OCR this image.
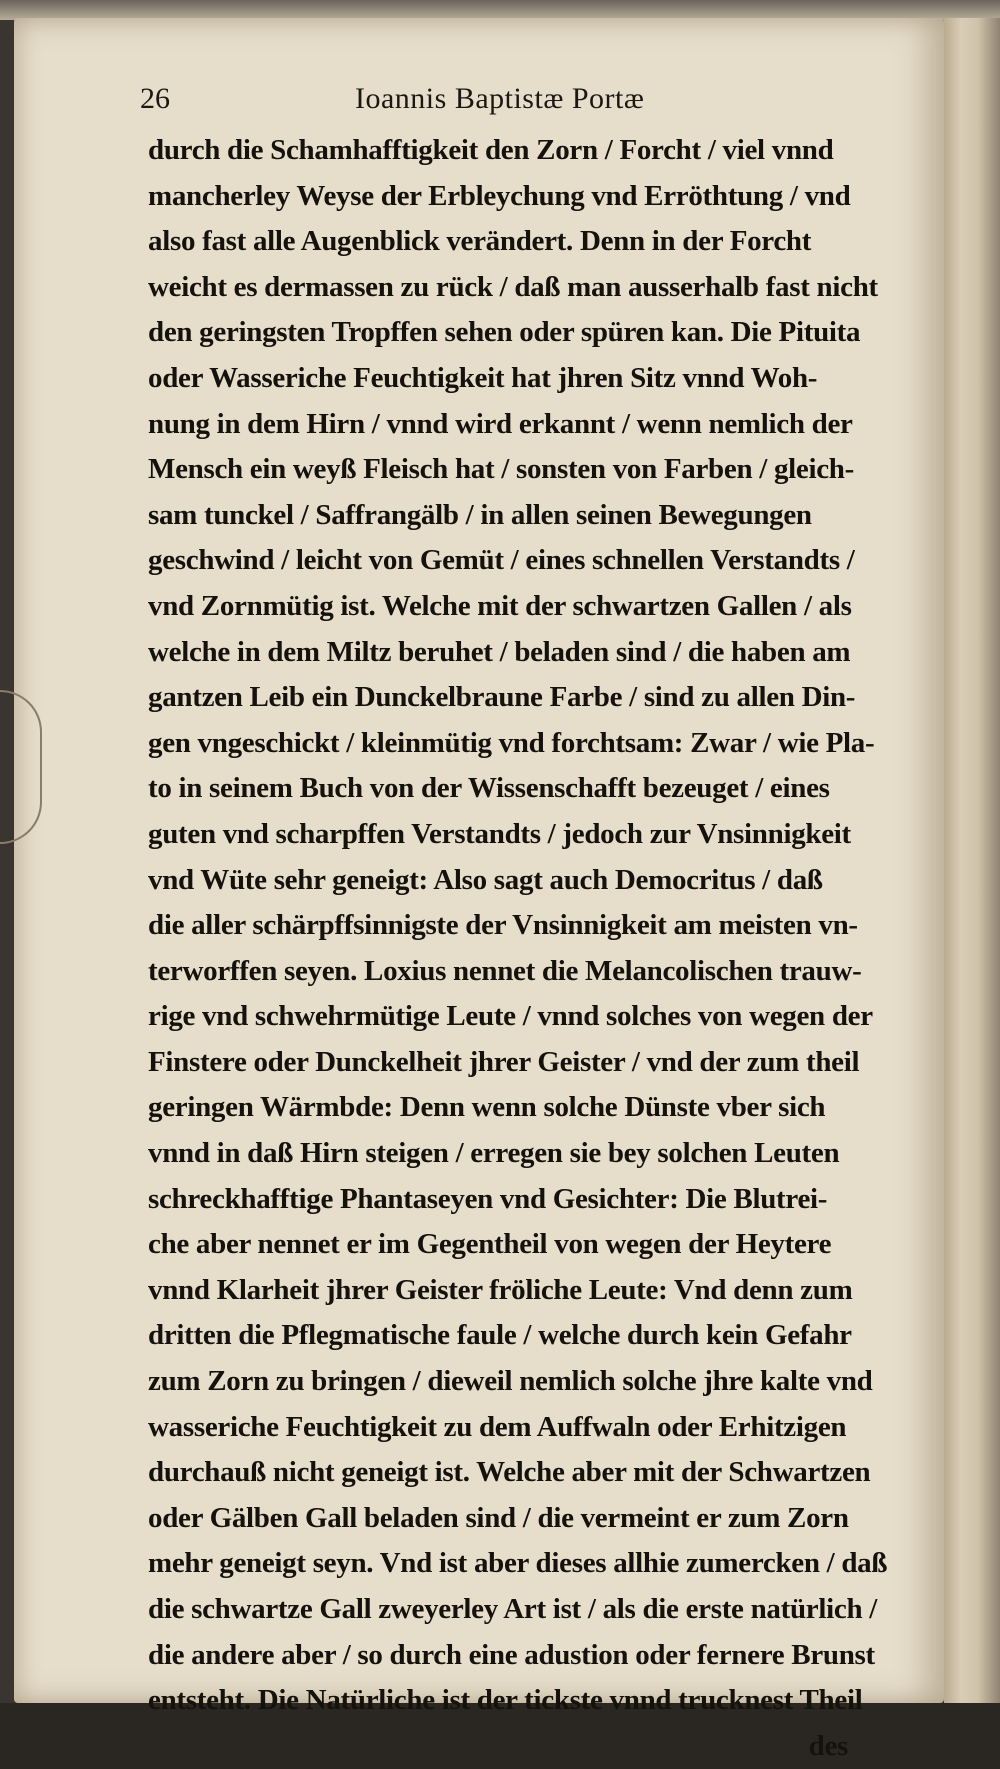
26	Ioannis Baptistæ Portæ
durch die Schamhafftigkeit den Zorn / Forcht / viel vnnd
mancherley Weyse der Erbleychung vnd Erröthtung / vnd
also fast alle Augenblick verändert. Denn in der Forcht
weicht es dermassen zu rück / daß man ausserhalb fast nicht
den geringsten Tropffen sehen oder spüren kan. Die Pituita
oder Wasseriche Feuchtigkeit hat jhren Sitz vnnd Woh-
nung in dem Hirn / vnnd wird erkannt / wenn nemlich der
Mensch ein weyß Fleisch hat / sonsten von Farben / gleich-
sam tunckel / Saffrangälb / in allen seinen Bewegungen
geschwind / leicht von Gemüt / eines schnellen Verstandts /
vnd Zornmütig ist. Welche mit der schwartzen Gallen / als
welche in dem Miltz beruhet / beladen sind / die haben am
gantzen Leib ein Dunckelbraune Farbe / sind zu allen Din-
gen vngeschickt / kleinmütig vnd forchtsam: Zwar / wie Pla-
to in seinem Buch von der Wissenschafft bezeuget / eines
guten vnd scharpffen Verstandts / jedoch zur Vnsinnigkeit
vnd Wüte sehr geneigt: Also sagt auch Democritus / daß
die aller schärpffsinnigste der Vnsinnigkeit am meisten vn-
terworffen seyen. Loxius nennet die Melancolischen trauw-
rige vnd schwehrmütige Leute / vnnd solches von wegen der
Finstere oder Dunckelheit jhrer Geister / vnd der zum theil
geringen Wärmbde: Denn wenn solche Dünste vber sich
vnnd in daß Hirn steigen / erregen sie bey solchen Leuten
schreckhafftige Phantaseyen vnd Gesichter: Die Blutrei-
che aber nennet er im Gegentheil von wegen der Heytere
vnnd Klarheit jhrer Geister fröliche Leute: Vnd denn zum
dritten die Pflegmatische faule / welche durch kein Gefahr
zum Zorn zu bringen / dieweil nemlich solche jhre kalte vnd
wasseriche Feuchtigkeit zu dem Auffwaln oder Erhitzigen
durchauß nicht geneigt ist. Welche aber mit der Schwartzen
oder Gälben Gall beladen sind / die vermeint er zum Zorn
mehr geneigt seyn. Vnd ist aber dieses allhie zumercken / daß
die schwartze Gall zweyerley Art ist / als die erste natürlich /
die andere aber / so durch eine adustion oder fernere Brunst
entsteht. Die Natürliche ist der tickste vnnd trucknest Theil
des
